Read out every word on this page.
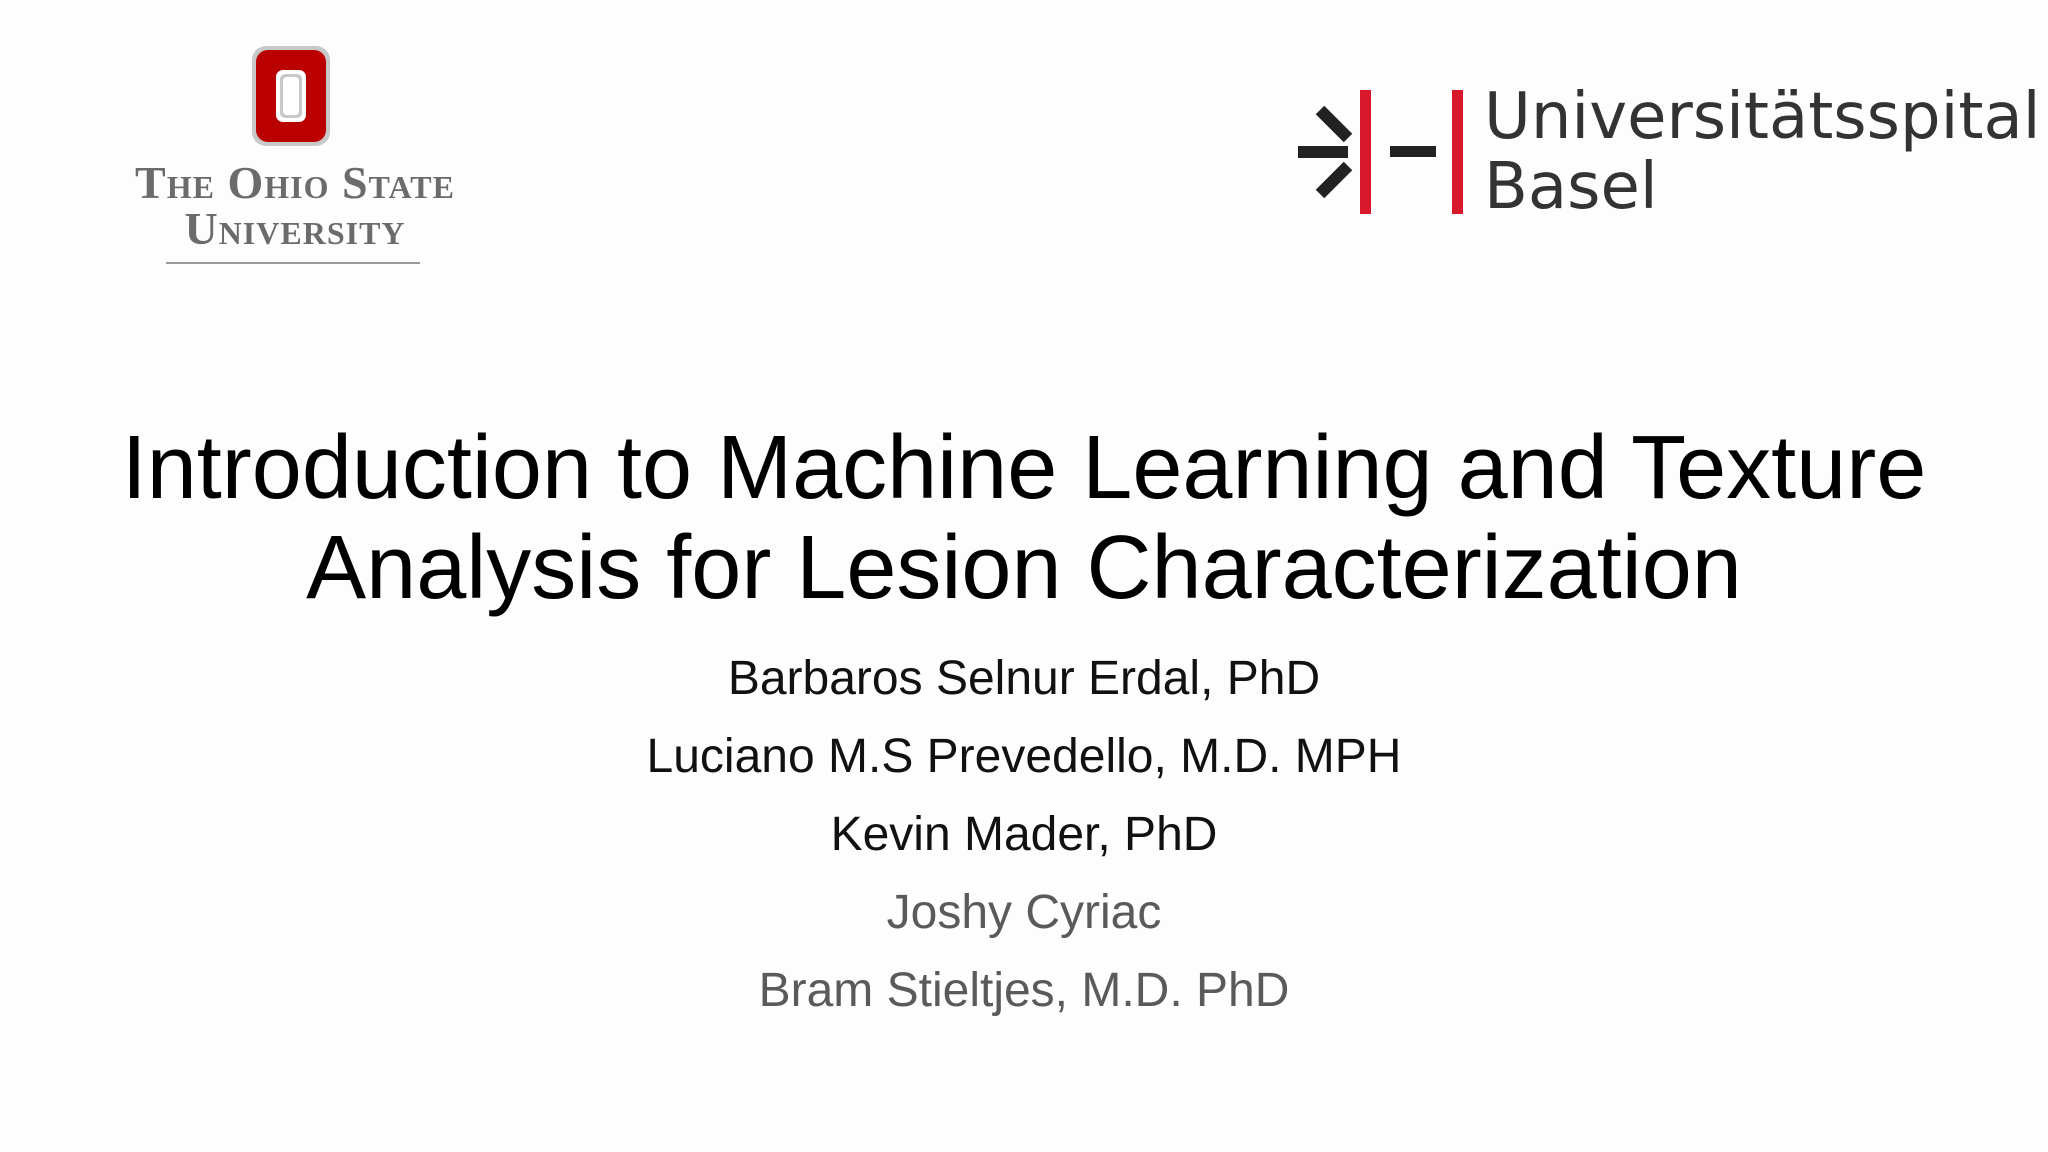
The Ohio State
University
Universitätsspital
Basel
Introduction to Machine Learning and Texture
Analysis for Lesion Characterization
Barbaros Selnur Erdal, PhD
Luciano M.S Prevedello, M.D. MPH
Kevin Mader, PhD
Joshy Cyriac
Bram Stieltjes, M.D. PhD
